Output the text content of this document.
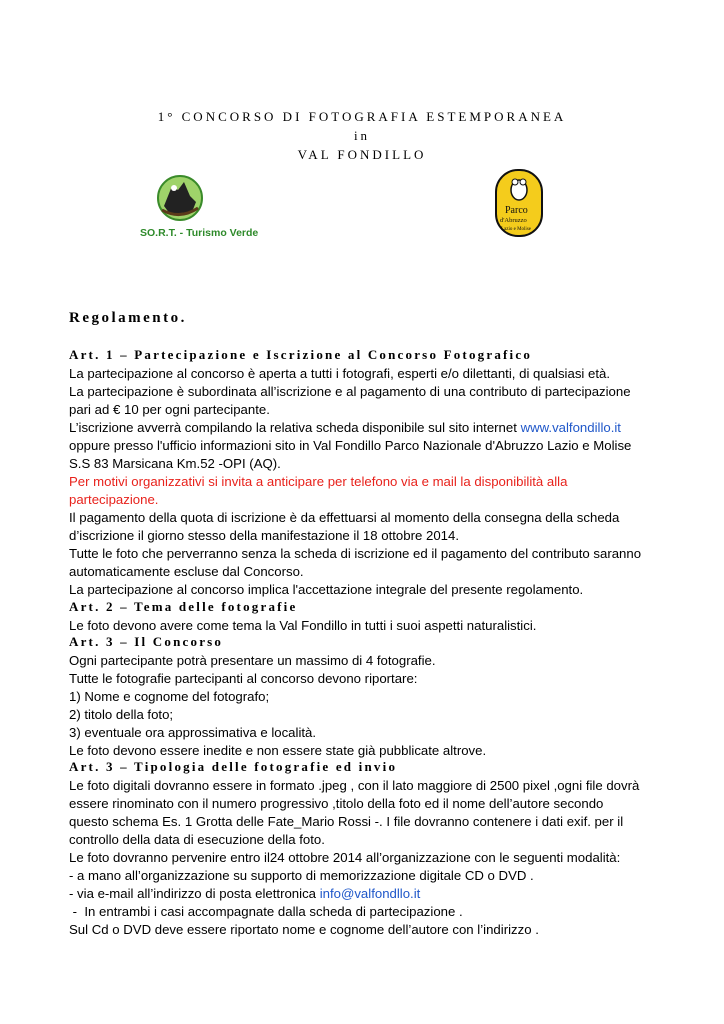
1° CONCORSO DI FOTOGRAFIA ESTEMPORANEA
in
VAL FONDILLO
SO.R.T. - Turismo Verde
Parco
d'Abruzzo
Lazio e Molise
Regolamento.
Art. 1 – Partecipazione e Iscrizione al Concorso Fotografico
La partecipazione al concorso è aperta a tutti i fotografi, esperti e/o dilettanti, di qualsiasi età.
La partecipazione è subordinata all’iscrizione e al pagamento di una contributo di partecipazione
pari ad € 10 per ogni partecipante.
L’iscrizione avverrà compilando la relativa scheda disponibile sul sito internet www.valfondillo.it
oppure presso l'ufficio informazioni sito in Val Fondillo Parco Nazionale d'Abruzzo Lazio e Molise
S.S 83 Marsicana Km.52 -OPI (AQ).
Per motivi organizzativi si invita a anticipare per telefono via e mail la disponibilità alla
partecipazione.
Il pagamento della quota di iscrizione è da effettuarsi al momento della consegna della scheda
d’iscrizione il giorno stesso della manifestazione il 18 ottobre 2014.
Tutte le foto che perverranno senza la scheda di iscrizione ed il pagamento del contributo saranno
automaticamente escluse dal Concorso.
La partecipazione al concorso implica l'accettazione integrale del presente regolamento.
Art. 2 – Tema delle fotografie
Le foto devono avere come tema la Val Fondillo in tutti i suoi aspetti naturalistici.
Art. 3 – Il Concorso
Ogni partecipante potrà presentare un massimo di 4 fotografie.
Tutte le fotografie partecipanti al concorso devono riportare:
1) Nome e cognome del fotografo;
2) titolo della foto;
3) eventuale ora approssimativa e località.
Le foto devono essere inedite e non essere state già pubblicate altrove.
Art. 3 – Tipologia delle fotografie ed invio
Le foto digitali dovranno essere in formato .jpeg , con il lato maggiore di 2500 pixel ,ogni file dovrà
essere rinominato con il numero progressivo ,titolo della foto ed il nome dell’autore secondo
questo schema Es. 1 Grotta delle Fate_Mario Rossi -. I file dovranno contenere i dati exif. per il
controllo della data di esecuzione della foto.
Le foto dovranno pervenire entro il24 ottobre 2014 all’organizzazione con le seguenti modalità:
- a mano all’organizzazione su supporto di memorizzazione digitale CD o DVD .
- via e-mail all’indirizzo di posta elettronica info@valfondllo.it
-  In entrambi i casi accompagnate dalla scheda di partecipazione .
Sul Cd o DVD deve essere riportato nome e cognome dell’autore con l’indirizzo .
